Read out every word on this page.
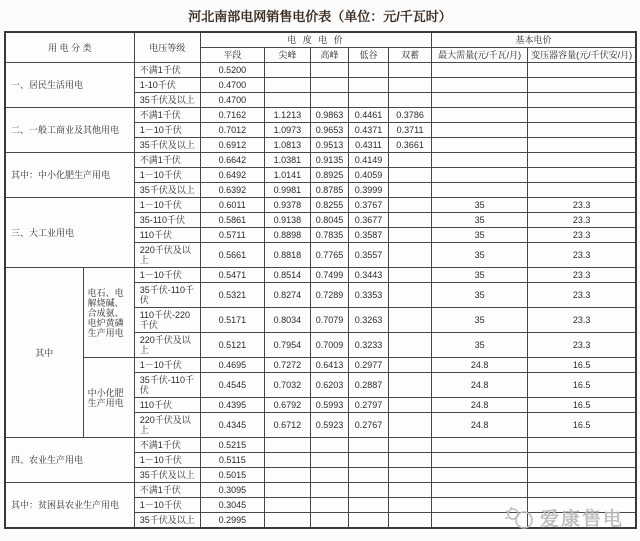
河北南部电网销售电价表（单位：元/千瓦时）
用 电 分 类		电压等级	电 度 电 价					基本电价	
			平段	尖峰	高峰	低谷	双蓄	最大需量(元/千瓦/月)	变压器容量(元/千伏安/月)
一、居民生活用电		不满1千伏	0.5200						
		1-10千伏	0.4700						
		35千伏及以上	0.4700						
二、一般工商业及其他用电		不满1千伏	0.7162	1.1213	0.9863	0.4461	0.3786		
		1－10千伏	0.7012	1.0973	0.9653	0.4371	0.3711		
		35千伏及以上	0.6912	1.0813	0.9513	0.4311	0.3661		
其中：中小化肥生产用电		不满1千伏	0.6642	1.0381	0.9135	0.4149			
		1－10千伏	0.6492	1.0141	0.8925	0.4059			
		35千伏及以上	0.6392	0.9981	0.8785	0.3999			
三、大工业用电		1－10千伏	0.6011	0.9378	0.8255	0.3767		35	23.3
		35-110千伏	0.5861	0.9138	0.8045	0.3677		35	23.3
		110千伏	0.5711	0.8898	0.7835	0.3587		35	23.3
		220千伏及以上	0.5661	0.8818	0.7765	0.3557		35	23.3
其中	电石、电解烧碱、合成氨、电炉黄磷生产用电	1－10千伏	0.5471	0.8514	0.7499	0.3443		35	23.3
		35千伏-110千伏	0.5321	0.8274	0.7289	0.3353		35	23.3
		110千伏-220千伏	0.5171	0.8034	0.7079	0.3263		35	23.3
		220千伏及以上	0.5121	0.7954	0.7009	0.3233		35	23.3
	中小化肥生产用电	1－10千伏	0.4695	0.7272	0.6413	0.2977		24.8	16.5
		35千伏-110千伏	0.4545	0.7032	0.6203	0.2887		24.8	16.5
		110千伏	0.4395	0.6792	0.5993	0.2797		24.8	16.5
		220千伏及以上	0.4345	0.6712	0.5923	0.2767		24.8	16.5
四、农业生产用电		不满1千伏	0.5215						
		1－10千伏	0.5115						
		35千伏及以上	0.5015						
其中：贫困县农业生产用电		不满1千伏	0.3095						
		1－10千伏	0.3045						
		35千伏及以上	0.2995							爱康售电
